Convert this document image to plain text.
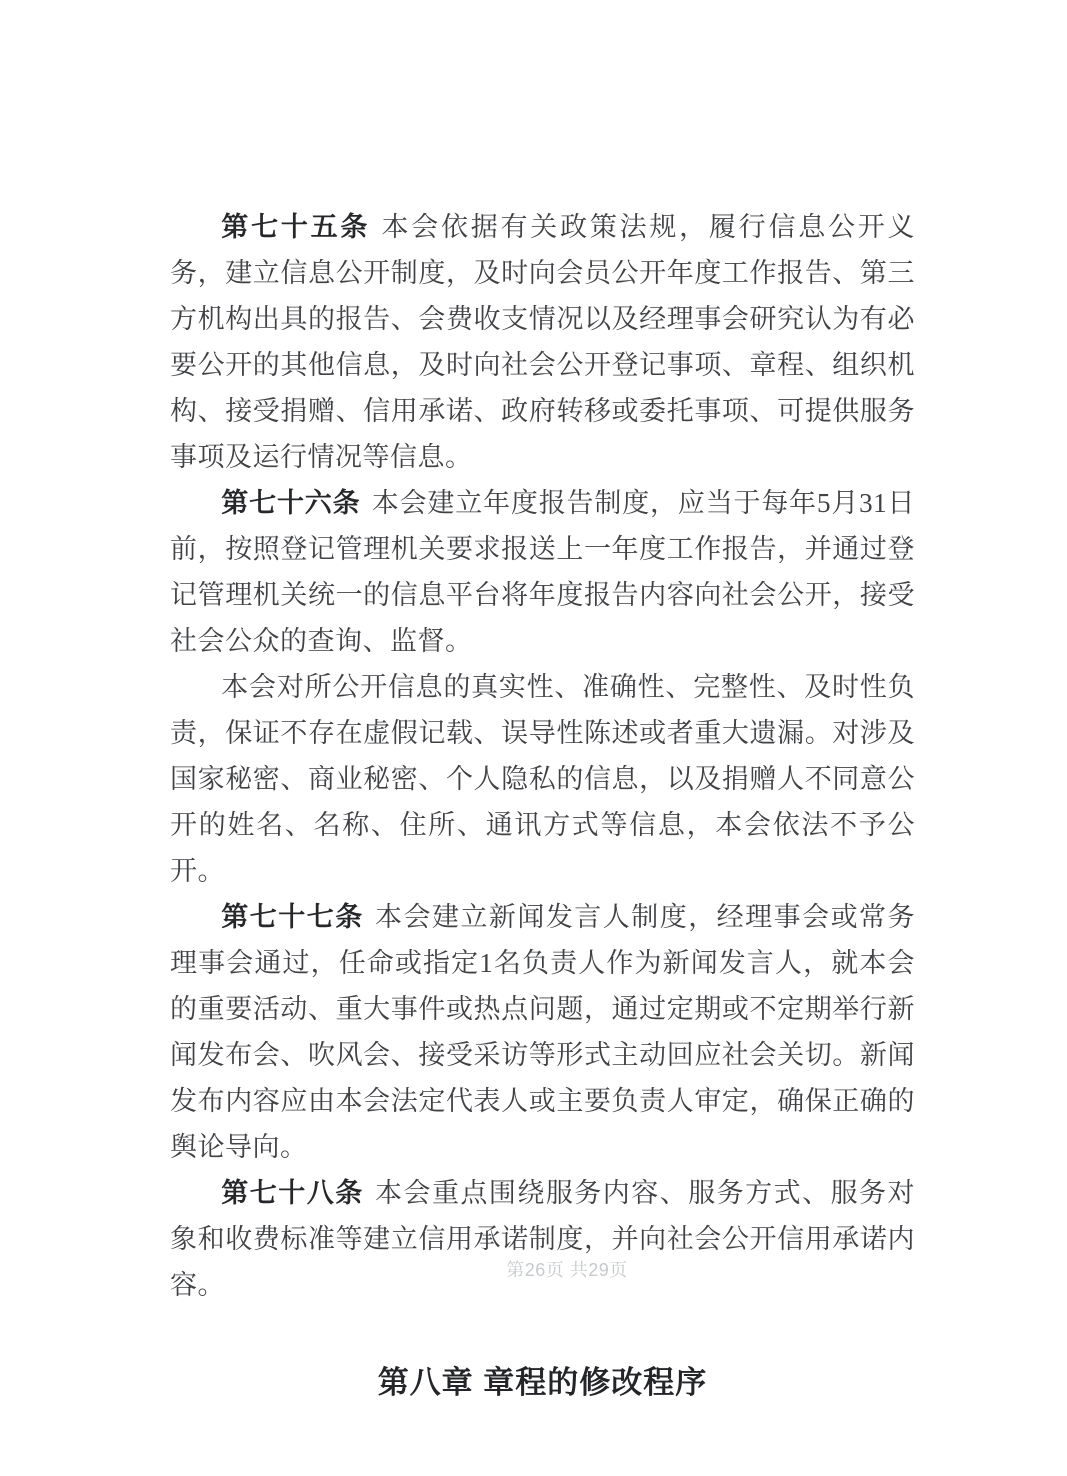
第七十五条 本会依据有关政策法规，履行信息公开义务，建立信息公开制度，及时向会员公开年度工作报告、第三方机构出具的报告、会费收支情况以及经理事会研究认为有必要公开的其他信息，及时向社会公开登记事项、章程、组织机构、接受捐赠、信用承诺、政府转移或委托事项、可提供服务事项及运行情况等信息。

第七十六条 本会建立年度报告制度，应当于每年5月31日前，按照登记管理机关要求报送上一年度工作报告，并通过登记管理机关统一的信息平台将年度报告内容向社会公开，接受社会公众的查询、监督。

本会对所公开信息的真实性、准确性、完整性、及时性负责，保证不存在虚假记载、误导性陈述或者重大遗漏。对涉及国家秘密、商业秘密、个人隐私的信息，以及捐赠人不同意公开的姓名、名称、住所、通讯方式等信息，本会依法不予公开。

第七十七条 本会建立新闻发言人制度，经理事会或常务理事会通过，任命或指定1名负责人作为新闻发言人，就本会的重要活动、重大事件或热点问题，通过定期或不定期举行新闻发布会、吹风会、接受采访等形式主动回应社会关切。新闻发布内容应由本会法定代表人或主要负责人审定，确保正确的舆论导向。

第七十八条 本会重点围绕服务内容、服务方式、服务对象和收费标准等建立信用承诺制度，并向社会公开信用承诺内容。

第八章 章程的修改程序
第26页 共29页
